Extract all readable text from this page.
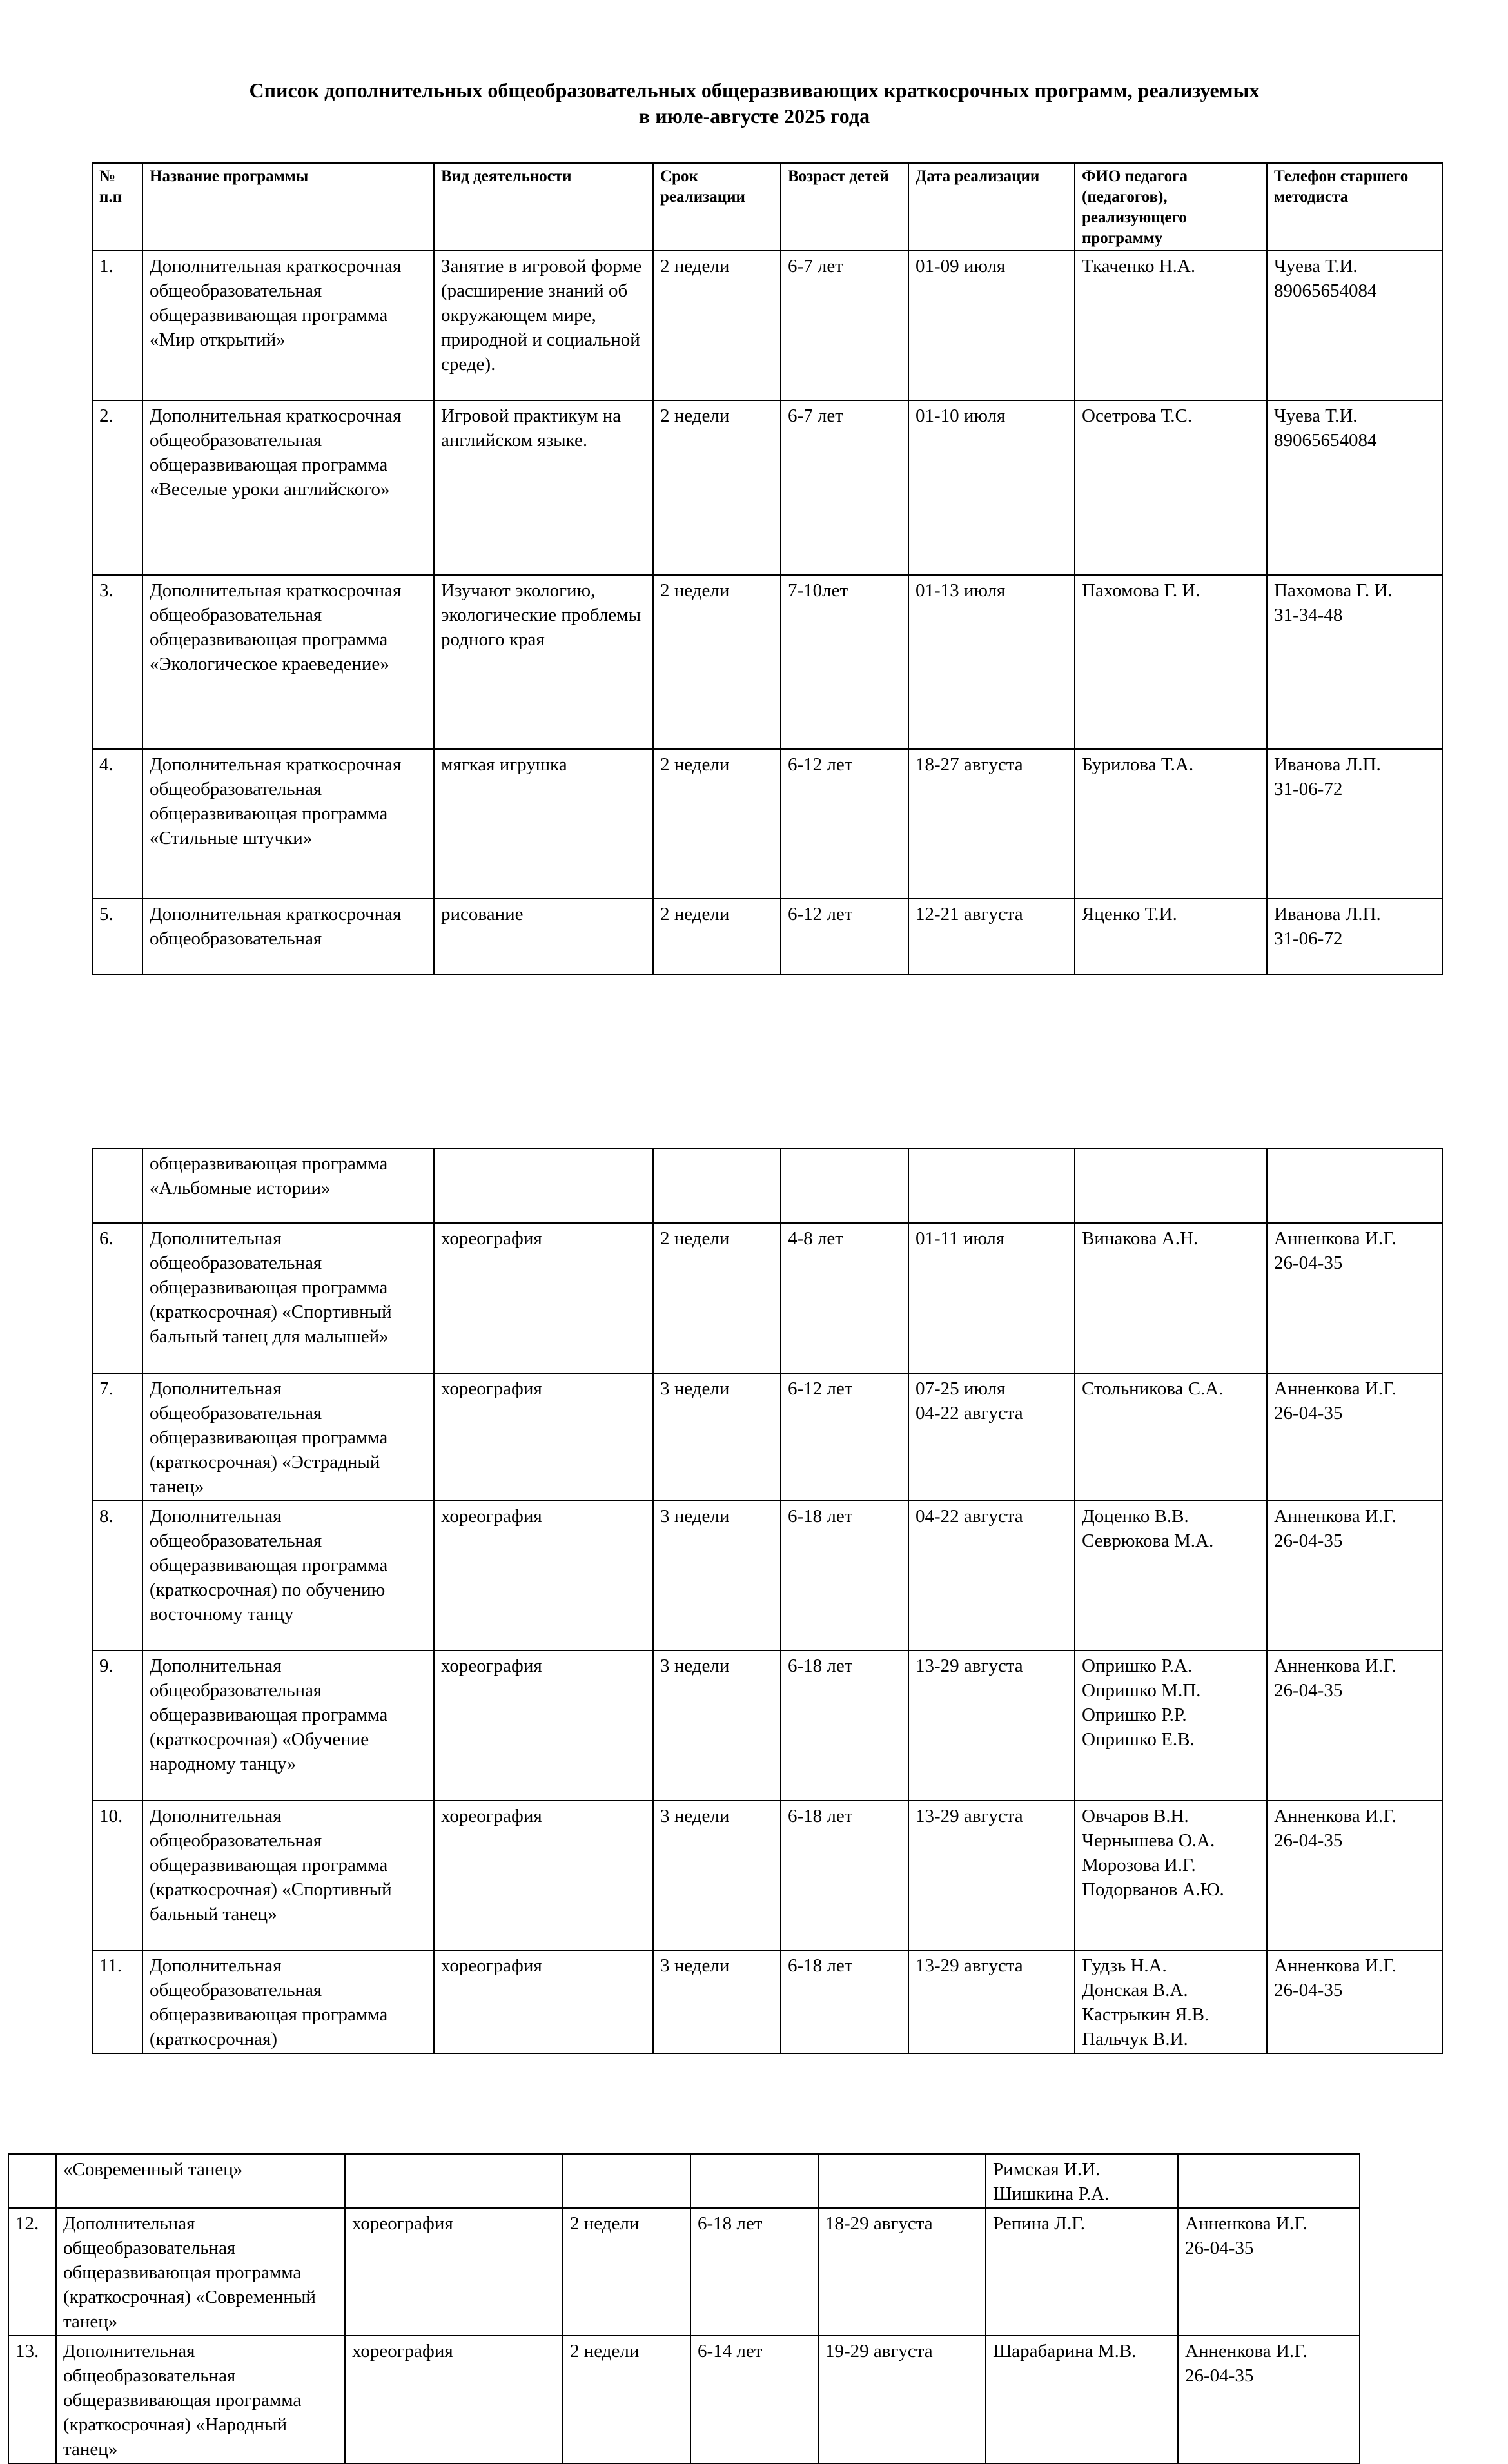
Список дополнительных общеобразовательных общеразвивающих краткосрочных программ, реализуемых
в июле-августе 2025 года
№ п.п	Название программы	Вид деятельности	Срок реализации	Возраст детей	Дата реализации	ФИО педагога (педагогов), реализующего программу	Телефон старшего методиста
1.	Дополнительная краткосрочная общеобразовательная общеразвивающая программа «Мир открытий»	Занятие в игровой форме (расширение знаний об окружающем мире, природной и социальной среде).	2 недели	6-7 лет	01-09 июля	Ткаченко Н.А.	Чуева Т.И.
89065654084
2.	Дополнительная краткосрочная общеобразовательная общеразвивающая программа «Веселые уроки английского»	Игровой практикум на английском языке.	2 недели	6-7 лет	01-10 июля	Осетрова Т.С.	Чуева Т.И.
89065654084
3.	Дополнительная краткосрочная общеобразовательная общеразвивающая программа «Экологическое краеведение»	Изучают экологию, экологические проблемы родного края	2 недели	7-10лет	01-13 июля	Пахомова Г. И.	Пахомова Г. И.
31-34-48
4.	Дополнительная краткосрочная общеобразовательная общеразвивающая программа «Стильные штучки»	мягкая игрушка	2 недели	6-12 лет	18-27 августа	Бурилова Т.А.	Иванова Л.П.
31-06-72
5.	Дополнительная краткосрочная общеобразовательная	рисование	2 недели	6-12 лет	12-21 августа	Яценко Т.И.	Иванова Л.П.
31-06-72
	общеразвивающая программа «Альбомные истории»						
6.	Дополнительная общеобразовательная общеразвивающая программа (краткосрочная) «Спортивный бальный танец для малышей»	хореография	2 недели	4-8 лет	01-11 июля	Винакова А.Н.	Анненкова И.Г.
26-04-35
7.	Дополнительная общеобразовательная общеразвивающая программа (краткосрочная) «Эстрадный танец»	хореография	3 недели	6-12 лет	07-25 июля
04-22 августа	Стольникова С.А.	Анненкова И.Г.
26-04-35
8.	Дополнительная общеобразовательная общеразвивающая программа (краткосрочная) по обучению восточному танцу	хореография	3 недели	6-18 лет	04-22 августа	Доценко В.В.
Севрюкова М.А.	Анненкова И.Г.
26-04-35
9.	Дополнительная общеобразовательная общеразвивающая программа (краткосрочная) «Обучение народному танцу»	хореография	3 недели	6-18 лет	13-29 августа	Опришко Р.А.
Опришко М.П.
Опришко Р.Р.
Опришко Е.В.	Анненкова И.Г.
26-04-35
10.	Дополнительная общеобразовательная общеразвивающая программа (краткосрочная) «Спортивный бальный танец»	хореография	3 недели	6-18 лет	13-29 августа	Овчаров В.Н.
Чернышева О.А.
Морозова И.Г.
Подорванов А.Ю.	Анненкова И.Г.
26-04-35
11.	Дополнительная общеобразовательная общеразвивающая программа (краткосрочная)	хореография	3 недели	6-18 лет	13-29 августа	Гудзь Н.А.
Донская В.А.
Кастрыкин Я.В.
Пальчук В.И.	Анненкова И.Г.
26-04-35
	«Современный танец»					Римская И.И.
Шишкина Р.А.	
12.	Дополнительная общеобразовательная общеразвивающая программа (краткосрочная) «Современный танец»	хореография	2 недели	6-18 лет	18-29 августа	Репина Л.Г.	Анненкова И.Г.
26-04-35
13.	Дополнительная общеобразовательная общеразвивающая программа (краткосрочная) «Народный танец»	хореография	2 недели	6-14 лет	19-29 августа	Шарабарина М.В.	Анненкова И.Г.
26-04-35
